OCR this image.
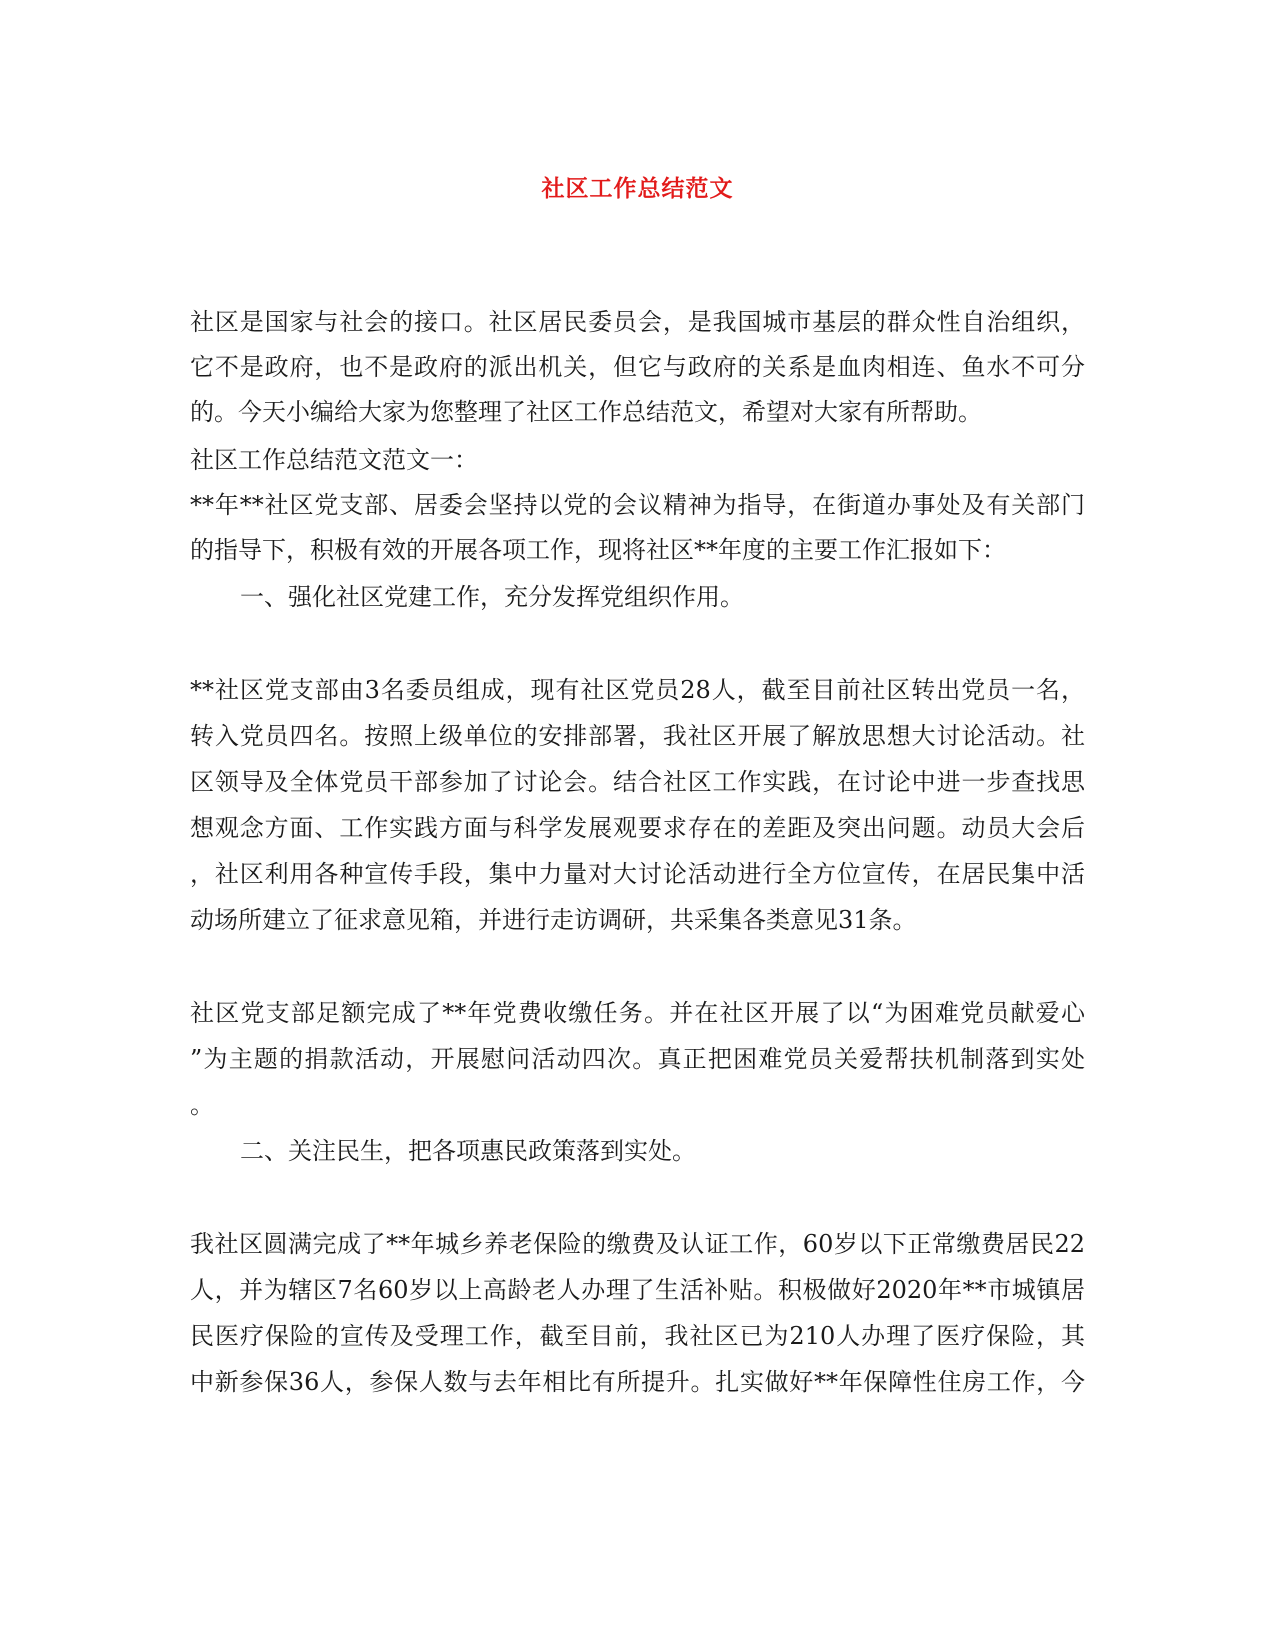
社区工作总结范文
社区是国家与社会的接口。社区居民委员会，是我国城市基层的群众性自治组织，
它不是政府，也不是政府的派出机关，但它与政府的关系是血肉相连、鱼水不可分
的。今天小编给大家为您整理了社区工作总结范文，希望对大家有所帮助。
社区工作总结范文范文一：
**年**社区党支部、居委会坚持以党的会议精神为指导，在街道办事处及有关部门
的指导下，积极有效的开展各项工作，现将社区**年度的主要工作汇报如下：
一、强化社区党建工作，充分发挥党组织作用。
**社区党支部由3名委员组成，现有社区党员28人，截至目前社区转出党员一名，
转入党员四名。按照上级单位的安排部署，我社区开展了解放思想大讨论活动。社
区领导及全体党员干部参加了讨论会。结合社区工作实践，在讨论中进一步查找思
想观念方面、工作实践方面与科学发展观要求存在的差距及突出问题。动员大会后
，社区利用各种宣传手段，集中力量对大讨论活动进行全方位宣传，在居民集中活
动场所建立了征求意见箱，并进行走访调研，共采集各类意见31条。
社区党支部足额完成了**年党费收缴任务。并在社区开展了以“为困难党员献爱心
”为主题的捐款活动，开展慰问活动四次。真正把困难党员关爱帮扶机制落到实处
。
二、关注民生，把各项惠民政策落到实处。
我社区圆满完成了**年城乡养老保险的缴费及认证工作，60岁以下正常缴费居民22
人，并为辖区7名60岁以上高龄老人办理了生活补贴。积极做好2020年**市城镇居
民医疗保险的宣传及受理工作，截至目前，我社区已为210人办理了医疗保险，其
中新参保36人，参保人数与去年相比有所提升。扎实做好**年保障性住房工作，今
